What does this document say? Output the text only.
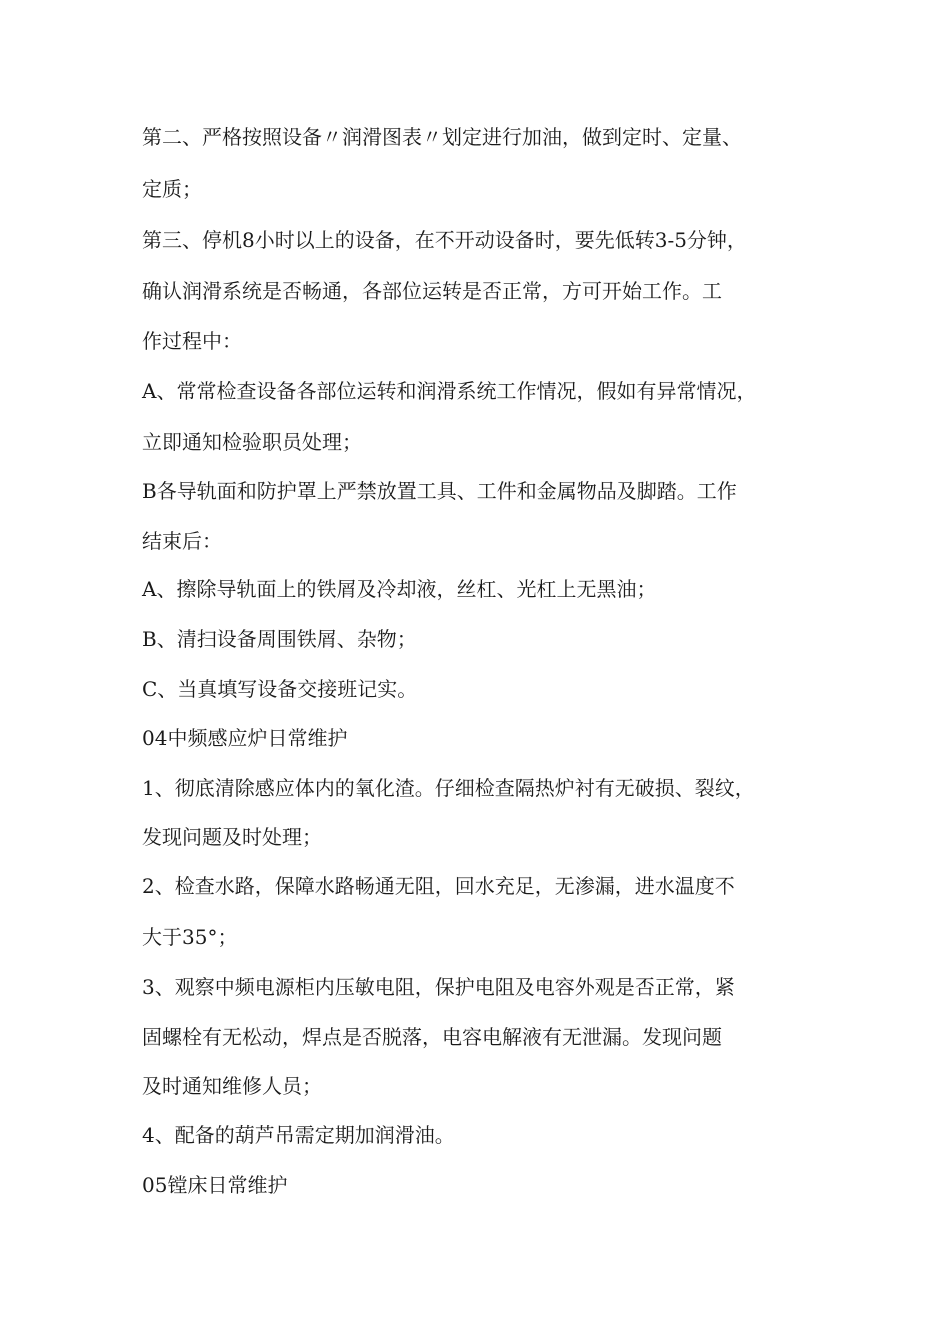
第二、严格按照设备〃润滑图表〃划定进行加油，做到定时、定量、
定质；
第三、停机8小时以上的设备，在不开动设备时，要先低转3-5分钟，
确认润滑系统是否畅通，各部位运转是否正常，方可开始工作。工
作过程中：
A、常常检查设备各部位运转和润滑系统工作情况，假如有异常情况，
立即通知检验职员处理；
B各导轨面和防护罩上严禁放置工具、工件和金属物品及脚踏。工作
结束后：
A、擦除导轨面上的铁屑及冷却液，丝杠、光杠上无黑油；
B、清扫设备周围铁屑、杂物；
C、当真填写设备交接班记实。
04中频感应炉日常维护
1、彻底清除感应体内的氧化渣。仔细检查隔热炉衬有无破损、裂纹，
发现问题及时处理；
2、检查水路，保障水路畅通无阻，回水充足，无渗漏，进水温度不
大于35°；
3、观察中频电源柜内压敏电阻，保护电阻及电容外观是否正常，紧
固螺栓有无松动，焊点是否脱落，电容电解液有无泄漏。发现问题
及时通知维修人员；
4、配备的葫芦吊需定期加润滑油。
05镗床日常维护
